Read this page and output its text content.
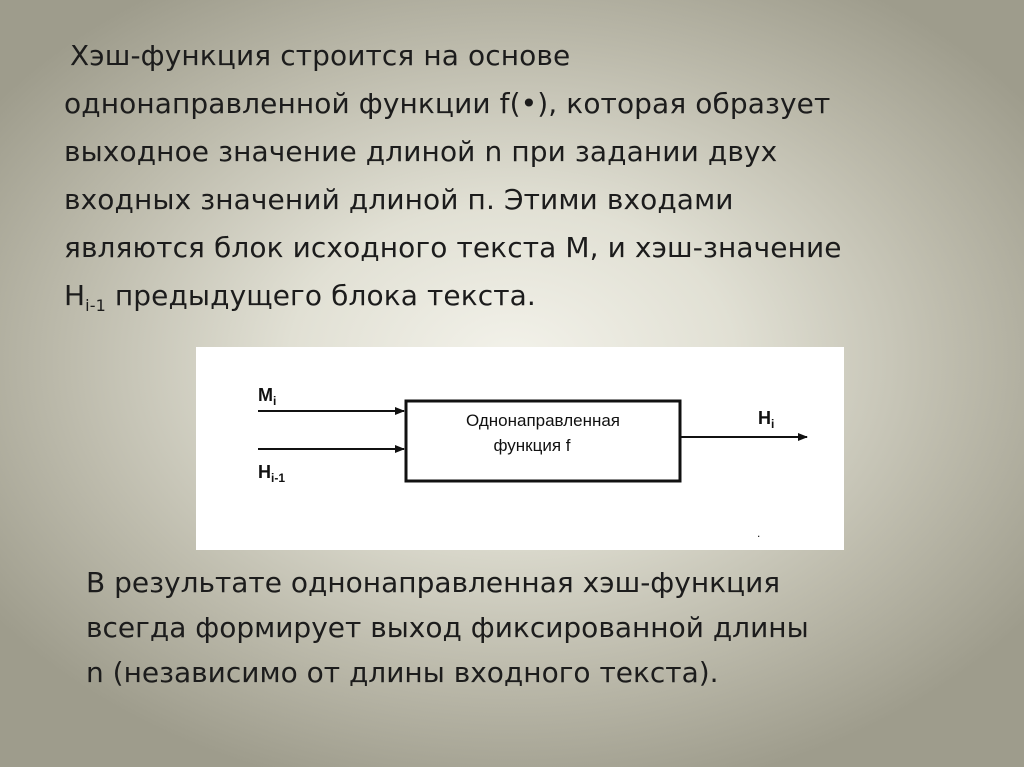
Хэш-функция строится на основе
однонаправленной функции f(•), которая образует
выходное значение длиной n при задании двух
входных значений длиной п. Этими входами
являются блок исходного текста М, и хэш-значение
$H_{i-1}$ предыдущего блока текста.
$M_i$
$H_{i-1}$
Однонаправленная
функция f
$H_i$
.
В результате однонаправленная хэш-функция
всегда формирует выход фиксированной длины
n (независимо от длины входного текста).
